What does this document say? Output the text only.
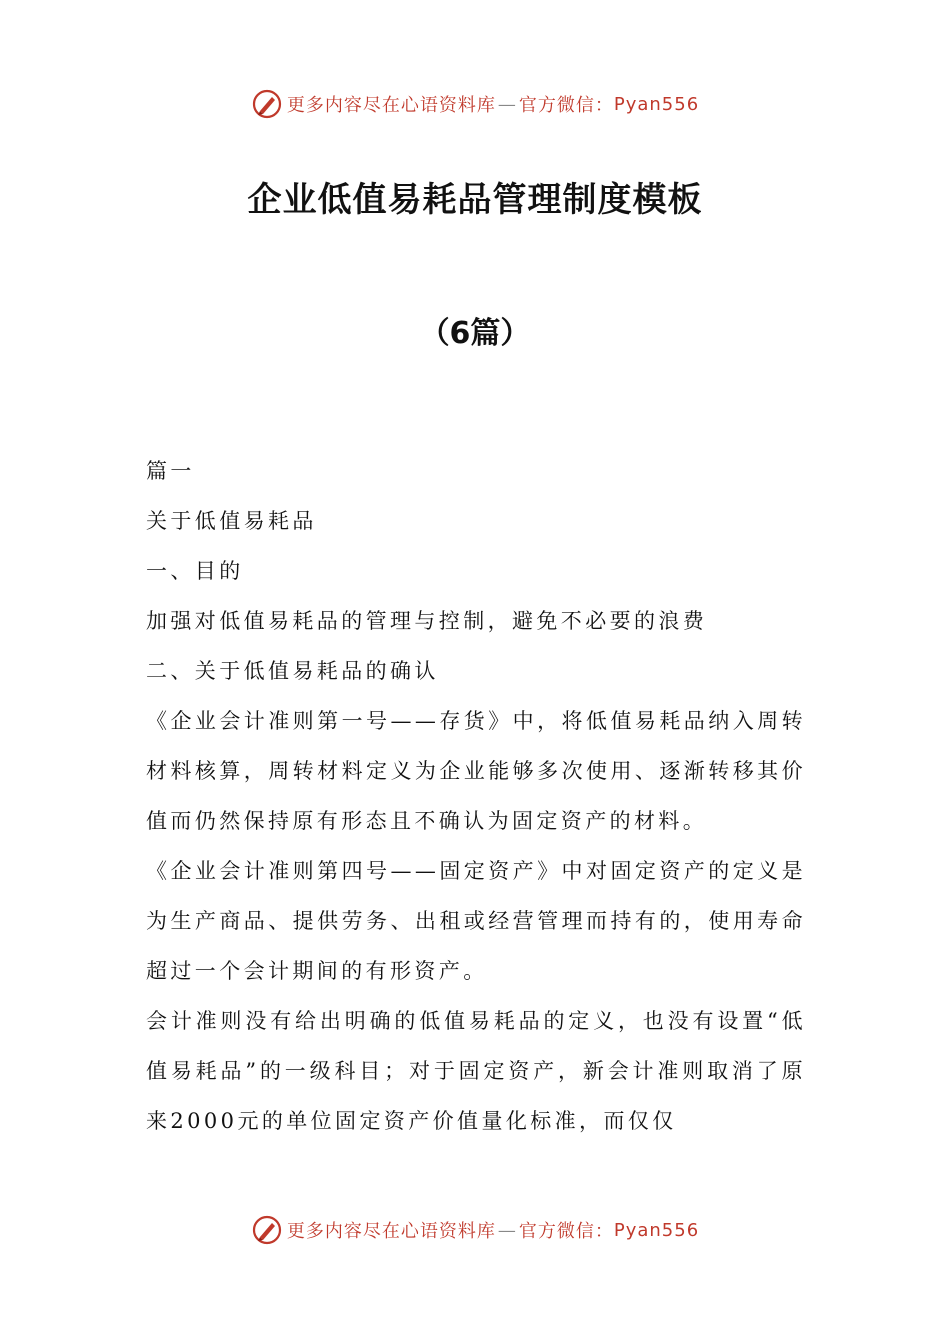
更多内容尽在心语资料库 — 官方微信： Pyan556
企业低值易耗品管理制度模板
（6篇）

篇一

关于低值易耗品

一、目的

加强对低值易耗品的管理与控制，避免不必要的浪费

二、关于低值易耗品的确认

《企业会计准则第一号——存货》中，将低值易耗品纳入周转材料核算，周转材料定义为企业能够多次使用、逐渐转移其价值而仍然保持原有形态且不确认为固定资产的材料。

《企业会计准则第四号——固定资产》中对固定资产的定义是为生产商品、提供劳务、出租或经营管理而持有的，使用寿命超过一个会计期间的有形资产。

会计准则没有给出明确的低值易耗品的定义，也没有设置“低值易耗品”的一级科目；对于固定资产，新会计准则取消了原来2000元的单位固定资产价值量化标准，而仅仅

更多内容尽在心语资料库 — 官方微信： Pyan556
